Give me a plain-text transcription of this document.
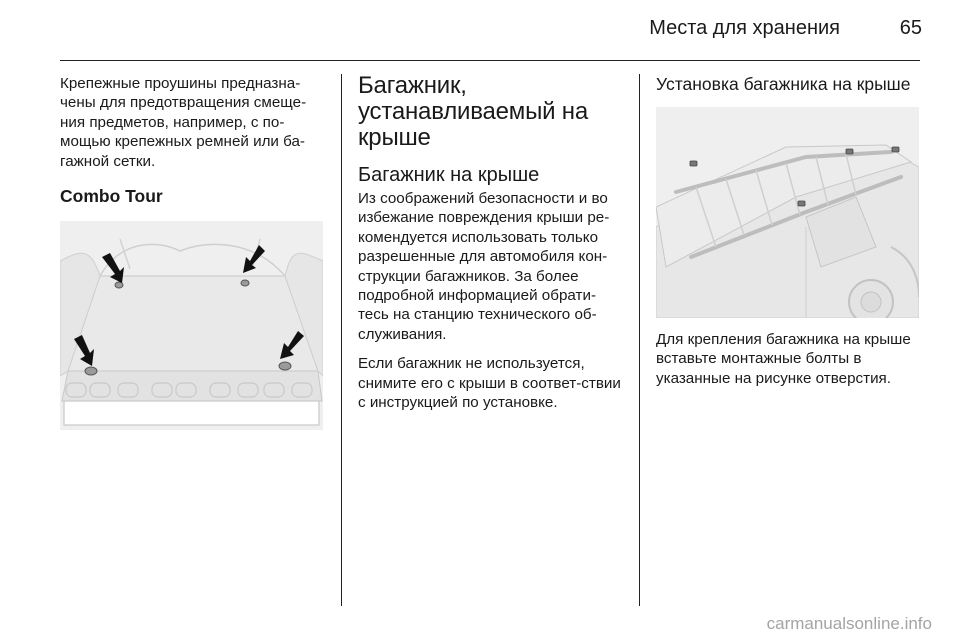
Места для хранения	65

Крепежные проушины предназна-чены для предотвращения смеще-ния предметов, например, с по-мощью крепежных ремней или ба-гажной сетки.

Combo Tour
Багажник, устанавливаемый на крыше
Багажник на крыше

Из соображений безопасности и во избежание повреждения крыши ре-комендуется использовать только разрешенные для автомобиля кон-струкции багажников. За более подробной информацией обрати-тесь на станцию технического об-служивания.

Если багажник не используется, снимите его с крыши в соответ-ствии с инструкцией по установке.

Установка багажника на крыше

Для крепления багажника на крыше вставьте монтажные болты в указанные на рисунке отверстия.

carmanualsonline.info
